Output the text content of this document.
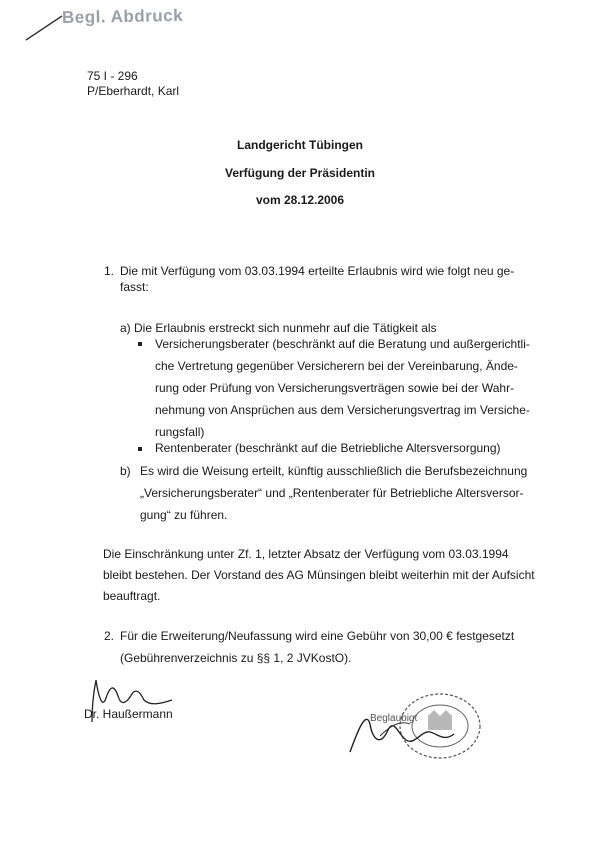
Begl. Abdruck
75 I - 296
P/Eberhardt, Karl
Landgericht Tübingen
Verfügung der Präsidentin
vom 28.12.2006
1. Die mit Verfügung vom 03.03.1994 erteilte Erlaubnis wird wie folgt neu ge-
fasst:
a) Die Erlaubnis erstreckt sich nunmehr auf die Tätigkeit als
Versicherungsberater (beschränkt auf die Beratung und außergerichtli-
che Vertretung gegenüber Versicherern bei der Vereinbarung, Ände-
rung oder Prüfung von Versicherungsverträgen sowie bei der Wahr-
nehmung von Ansprüchen aus dem Versicherungsvertrag im Versiche-
rungsfall)
Rentenberater (beschränkt auf die Betriebliche Altersversorgung)
b) Es wird die Weisung erteilt, künftig ausschließlich die Berufsbezeichnung
„Versicherungsberater“ und „Rentenberater für Betriebliche Altersversor-
gung“ zu führen.
Die Einschränkung unter Zf. 1, letzter Absatz der Verfügung vom 03.03.1994
bleibt bestehen. Der Vorstand des AG Münsingen bleibt weiterhin mit der Aufsicht
beauftragt.
2. Für die Erweiterung/Neufassung wird eine Gebühr von 30,00 € festgesetzt
(Gebührenverzeichnis zu §§ 1, 2 JVKostO).
Dr. Haußermann	Beglaubigt
